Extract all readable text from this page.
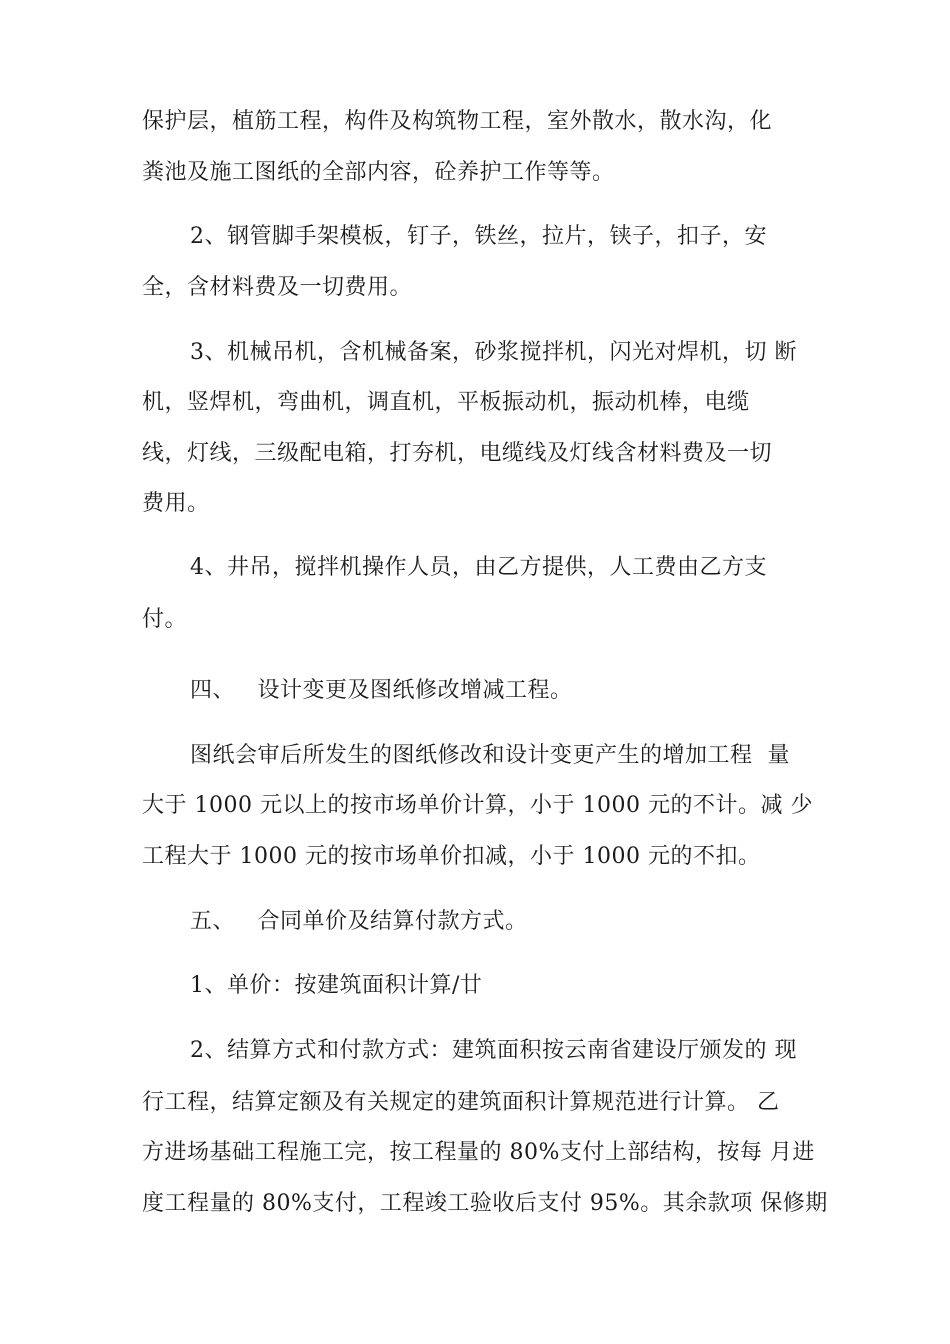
保护层，植筋工程，构件及构筑物工程，室外散水，散水沟，化
粪池及施工图纸的全部内容，砼养护工作等等。
2、钢管脚手架模板，钉子，铁丝，拉片，铗子，扣子，安
全，含材料费及一切费用。
3、机械吊机，含机械备案，砂浆搅拌机，闪光对焊机，切 断
机，竖焊机，弯曲机，调直机，平板振动机，振动机棒，电缆
线，灯线，三级配电箱，打夯机，电缆线及灯线含材料费及一切
费用。
4、井吊，搅拌机操作人员，由乙方提供，人工费由乙方支
付。
四、   设计变更及图纸修改增减工程。
图纸会审后所发生的图纸修改和设计变更产生的增加工程  量
大于 1000 元以上的按市场单价计算，小于 1000 元的不计。减 少
工程大于 1000 元的按市场单价扣减，小于 1000 元的不扣。
五、   合同单价及结算付款方式。
1、单价：按建筑面积计算/廿
2、结算方式和付款方式：建筑面积按云南省建设厅颁发的 现
行工程，结算定额及有关规定的建筑面积计算规范进行计算。 乙
方进场基础工程施工完，按工程量的 80%支付上部结构，按每 月进
度工程量的 80%支付，工程竣工验收后支付 95%。其余款项 保修期
